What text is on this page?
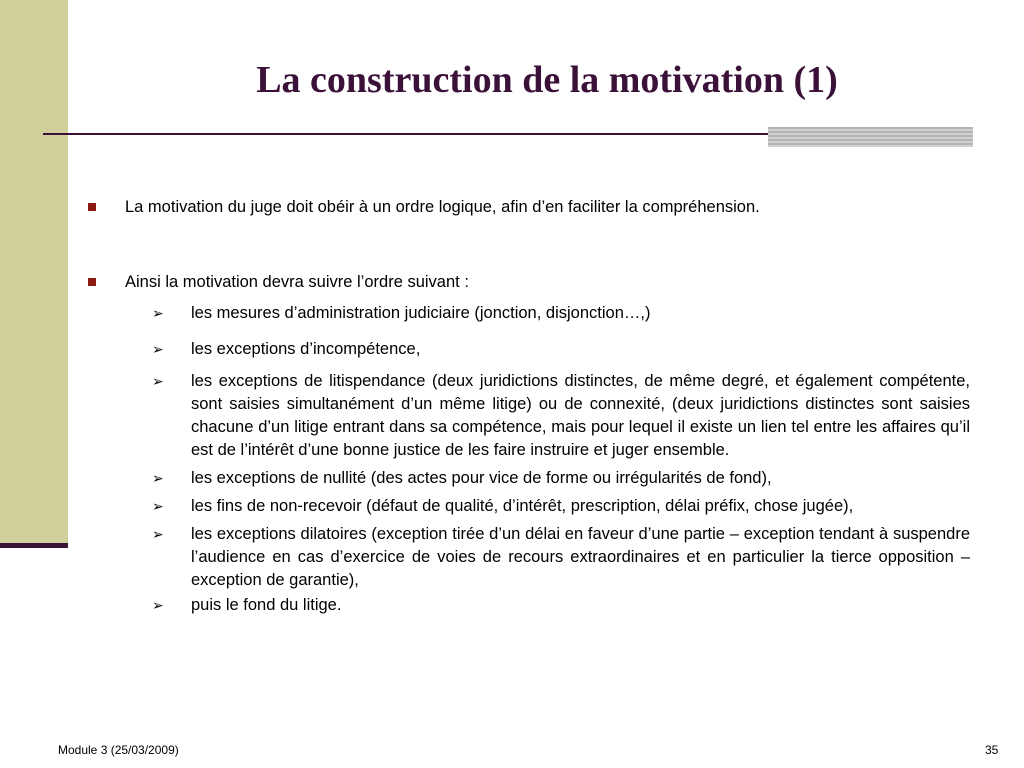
La construction de la motivation (1)
La motivation du juge doit obéir à un ordre logique, afin d’en faciliter la compréhension.
Ainsi la motivation devra suivre l’ordre suivant :
➢ les mesures d’administration judiciaire (jonction, disjonction…,)
➢ les exceptions d’incompétence,
➢ les exceptions de litispendance (deux juridictions distinctes, de même degré, et également compétente, sont saisies simultanément d’un même litige) ou de connexité, (deux juridictions distinctes sont saisies chacune d’un litige entrant dans sa compétence, mais pour lequel il existe un lien tel entre les affaires qu’il est de l’intérêt d’une bonne justice de les faire instruire et juger ensemble.
➢ les exceptions de nullité (des actes pour vice de forme ou irrégularités de fond),
➢ les fins de non-recevoir (défaut de qualité, d’intérêt, prescription, délai préfix, chose jugée),
➢ les exceptions dilatoires (exception tirée d’un délai en faveur d’une partie – exception tendant à suspendre l’audience en cas d’exercice de voies de recours extraordinaires et en particulier la tierce opposition – exception de garantie),
➢ puis le fond du litige.
Module 3 (25/03/2009)	35
